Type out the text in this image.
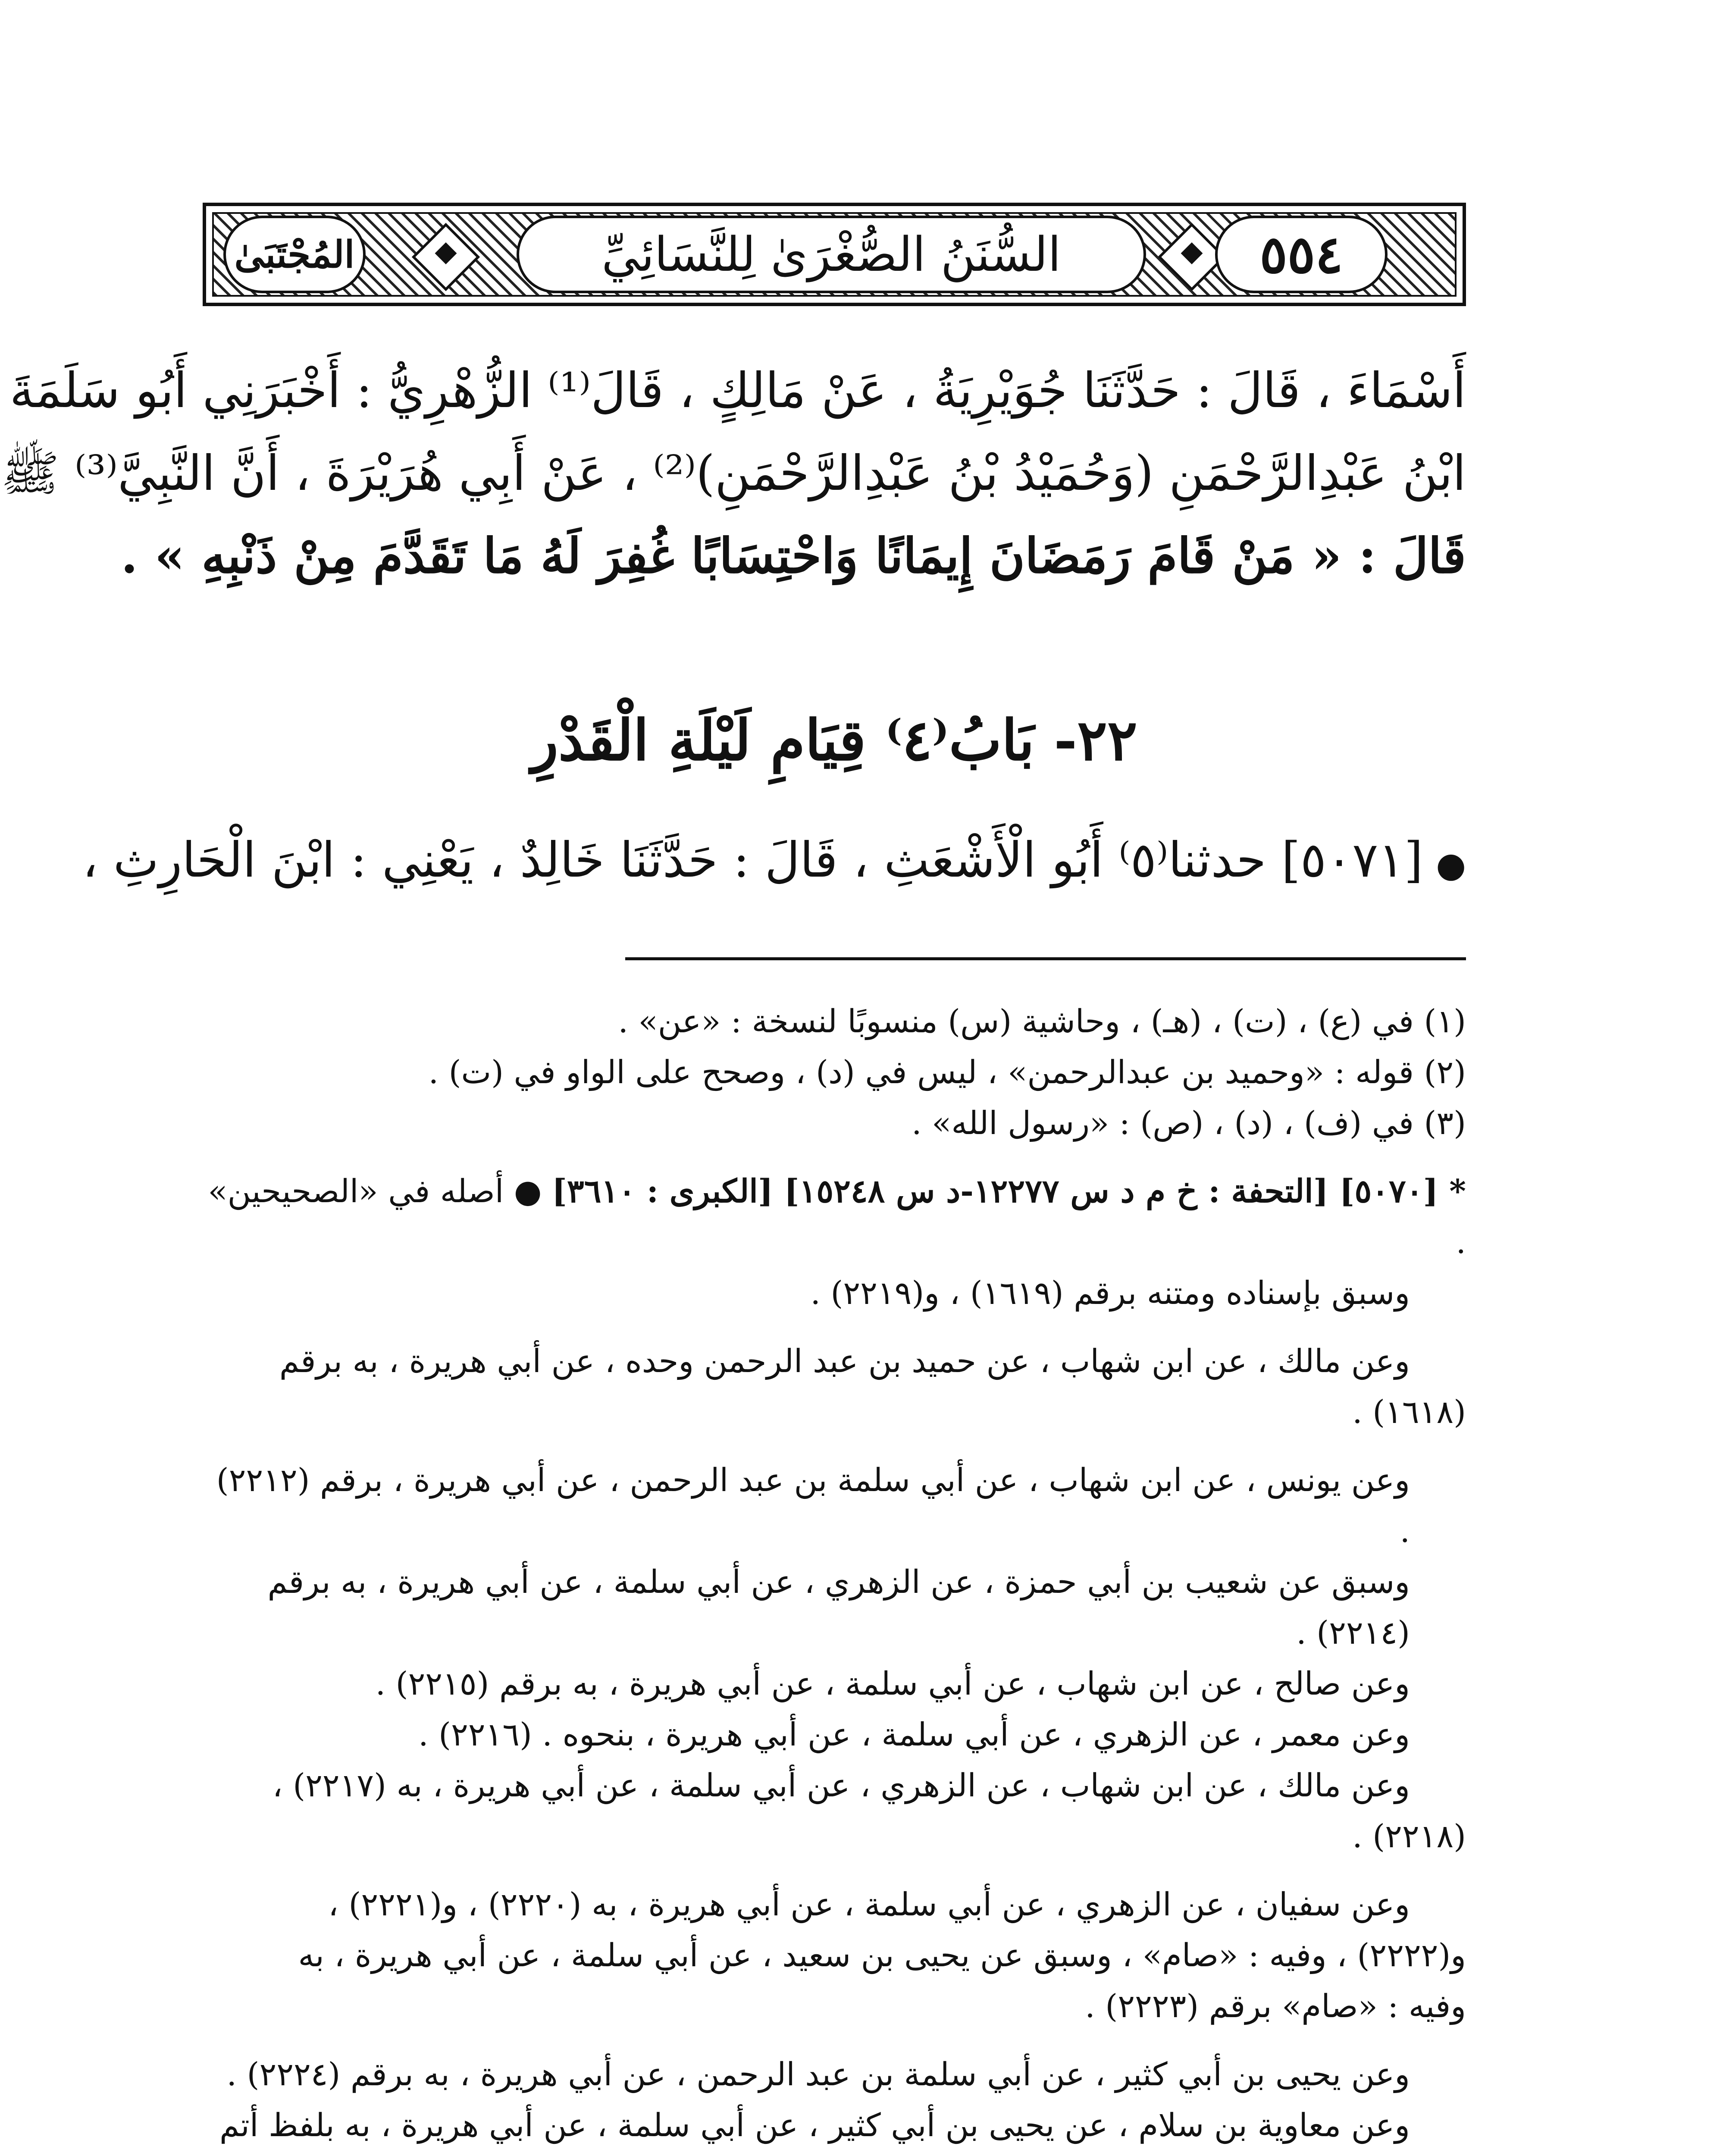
المُجْتَبَىٰ	السُّنَنُ الصُّغْرَىٰ لِلنَّسَائِيِّ	٥٥٤

أَسْمَاءَ ، قَالَ : حَدَّثَنَا جُوَيْرِيَةُ ، عَنْ مَالِكٍ ، قَالَ⁽¹⁾ الزُّهْرِيُّ : أَخْبَرَنِي أَبُو سَلَمَةَ

ابْنُ عَبْدِالرَّحْمَنِ (وَحُمَيْدُ بْنُ عَبْدِالرَّحْمَنِ)⁽²⁾ ، عَنْ أَبِي هُرَيْرَةَ ، أَنَّ النَّبِيَّ⁽³⁾ ﷺ

قَالَ : « مَنْ قَامَ رَمَضَانَ إِيمَانًا وَاحْتِسَابًا غُفِرَ لَهُ مَا تَقَدَّمَ مِنْ ذَنْبِهِ » .

٢٢- بَابُ⁽٤⁾ قِيَامِ لَيْلَةِ الْقَدْرِ
●[٥٠٧١] حدثنا⁽٥⁾ أَبُو الْأَشْعَثِ ، قَالَ : حَدَّثَنَا خَالِدٌ ، يَعْنِي : ابْنَ الْحَارِثِ ،

(١) في (ع) ، (ت) ، (هـ) ، وحاشية (س) منسوبًا لنسخة : «عن» .

(٢) قوله : «وحميد بن عبدالرحمن» ، ليس في (د) ، وصحح على الواو في (ت) .

(٣) في (ف) ، (د) ، (ص) : «رسول الله» .

* [٥٠٧٠] [التحفة : خ م د س ١٢٢٧٧-د س ١٥٢٤٨] [الكبرى : ٣٦١٠] ● أصله في «الصحيحين» .

وسبق بإسناده ومتنه برقم (١٦١٩) ، و(٢٢١٩) .

وعن مالك ، عن ابن شهاب ، عن حميد بن عبد الرحمن وحده ، عن أبي هريرة ، به برقم

(١٦١٨) .

وعن يونس ، عن ابن شهاب ، عن أبي سلمة بن عبد الرحمن ، عن أبي هريرة ، برقم (٢٢١٢) .

وسبق عن شعيب بن أبي حمزة ، عن الزهري ، عن أبي سلمة ، عن أبي هريرة ، به برقم (٢٢١٤) .

وعن صالح ، عن ابن شهاب ، عن أبي سلمة ، عن أبي هريرة ، به برقم (٢٢١٥) .

وعن معمر ، عن الزهري ، عن أبي سلمة ، عن أبي هريرة ، بنحوه . (٢٢١٦) .

وعن مالك ، عن ابن شهاب ، عن الزهري ، عن أبي سلمة ، عن أبي هريرة ، به (٢٢١٧) ،

(٢٢١٨) .

وعن سفيان ، عن الزهري ، عن أبي سلمة ، عن أبي هريرة ، به (٢٢٢٠) ، و(٢٢٢١) ،

و(٢٢٢٢) ، وفيه : «صام» ، وسبق عن يحيى بن سعيد ، عن أبي سلمة ، عن أبي هريرة ، به

وفيه : «صام» برقم (٢٢٢٣) .

وعن يحيى بن أبي كثير ، عن أبي سلمة بن عبد الرحمن ، عن أبي هريرة ، به برقم (٢٢٢٤) .

وعن معاوية بن سلام ، عن يحيى بن أبي كثير ، عن أبي سلمة ، عن أبي هريرة ، به بلفظ أتم
